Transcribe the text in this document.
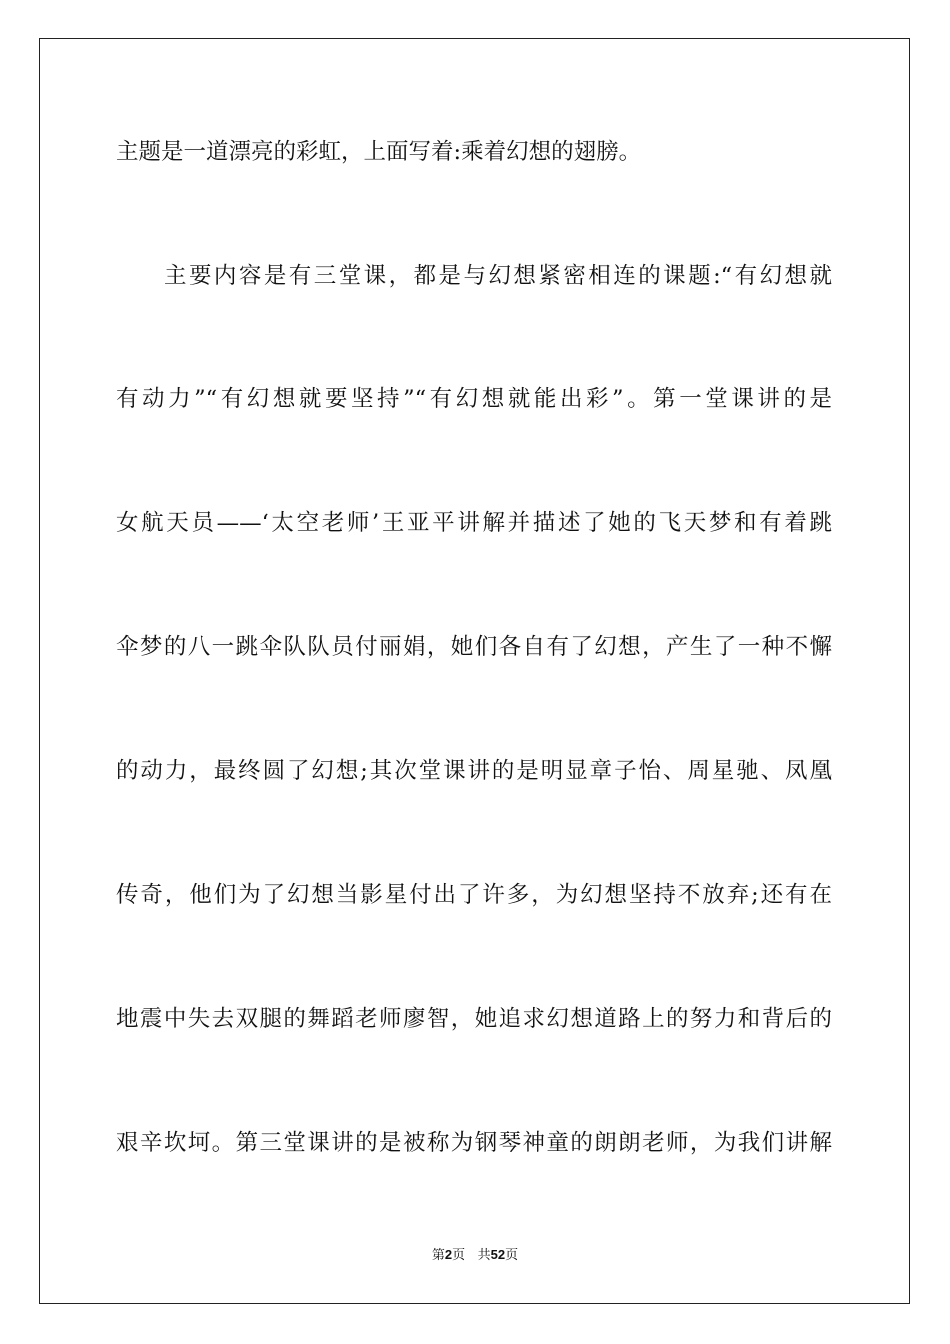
主题是一道漂亮的彩虹，上面写着:乘着幻想的翅膀。
主要内容是有三堂课，都是与幻想紧密相连的课题:“有幻想就
有动力”“有幻想就要坚持”“有幻想就能出彩”。第一堂课讲的是
女航天员——‘太空老师’王亚平讲解并描述了她的飞天梦和有着跳
伞梦的八一跳伞队队员付丽娟，她们各自有了幻想，产生了一种不懈
的动力，最终圆了幻想;其次堂课讲的是明显章子怡、周星驰、凤凰
传奇，他们为了幻想当影星付出了许多，为幻想坚持不放弃;还有在
地震中失去双腿的舞蹈老师廖智，她追求幻想道路上的努力和背后的
艰辛坎坷。第三堂课讲的是被称为钢琴神童的朗朗老师，为我们讲解
第2页 共52页
